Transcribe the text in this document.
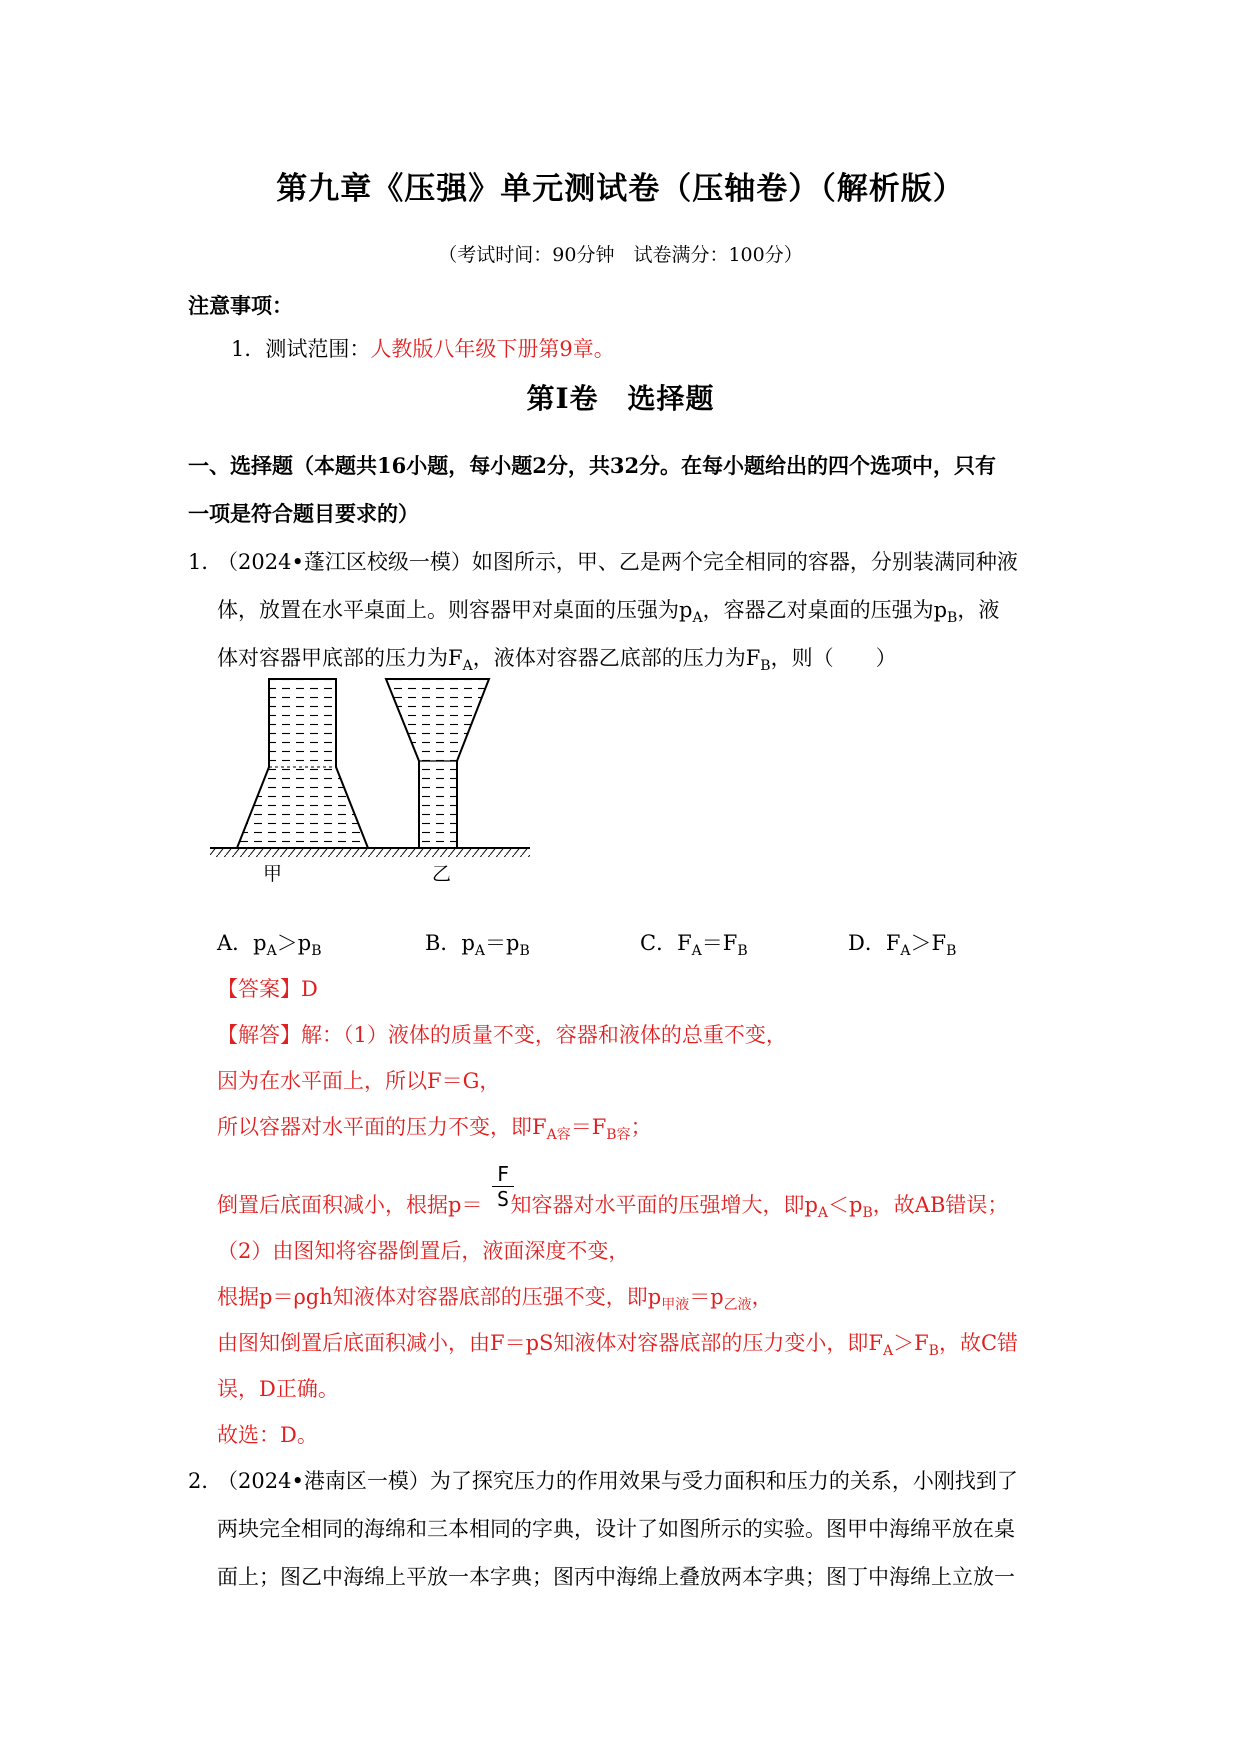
第九章《压强》单元测试卷（压轴卷）（解析版）
（考试时间：90分钟　试卷满分：100分）
注意事项：
1．测试范围：人教版八年级下册第9章。
第Ⅰ卷　选择题
一、选择题（本题共16小题，每小题2分，共32分。在每小题给出的四个选项中，只有
一项是符合题目要求的）
1．
（2024•蓬江区校级一模）如图所示，甲、乙是两个完全相同的容器，分别装满同种液
体，放置在水平桌面上。则容器甲对桌面的压强为$p_A$，容器乙对桌面的压强为$p_B$，液
体对容器甲底部的压力为$F_A$，液体对容器乙底部的压力为$F_B$，则（　　）
甲	乙
A．$p_A>p_B$	B．$p_A=p_B$	C．$F_A=F_B$	D．$F_A>F_B$
【答案】D
【解答】解：（1）液体的质量不变，容器和液体的总重不变，
因为在水平面上，所以F＝G，
所以容器对水平面的压力不变，即$F_{A容}=F_{B容}$；
$\frac{F}{S}$
倒置后底面积减小，根据p＝ 知容器对水平面的压强增大，即$p_A<p_B$，故AB错误；
（2）由图知将容器倒置后，液面深度不变，
根据p＝ρgh知液体对容器底部的压强不变，即$p_{甲液}=p_{乙液}$，
由图知倒置后底面积减小，由F＝pS知液体对容器底部的压力变小，即$F_A>F_B$，故C错
误，D正确。
故选：D。
2．
（2024•港南区一模）为了探究压力的作用效果与受力面积和压力的关系，小刚找到了
两块完全相同的海绵和三本相同的字典，设计了如图所示的实验。图甲中海绵平放在桌
面上；图乙中海绵上平放一本字典；图丙中海绵上叠放两本字典；图丁中海绵上立放一
